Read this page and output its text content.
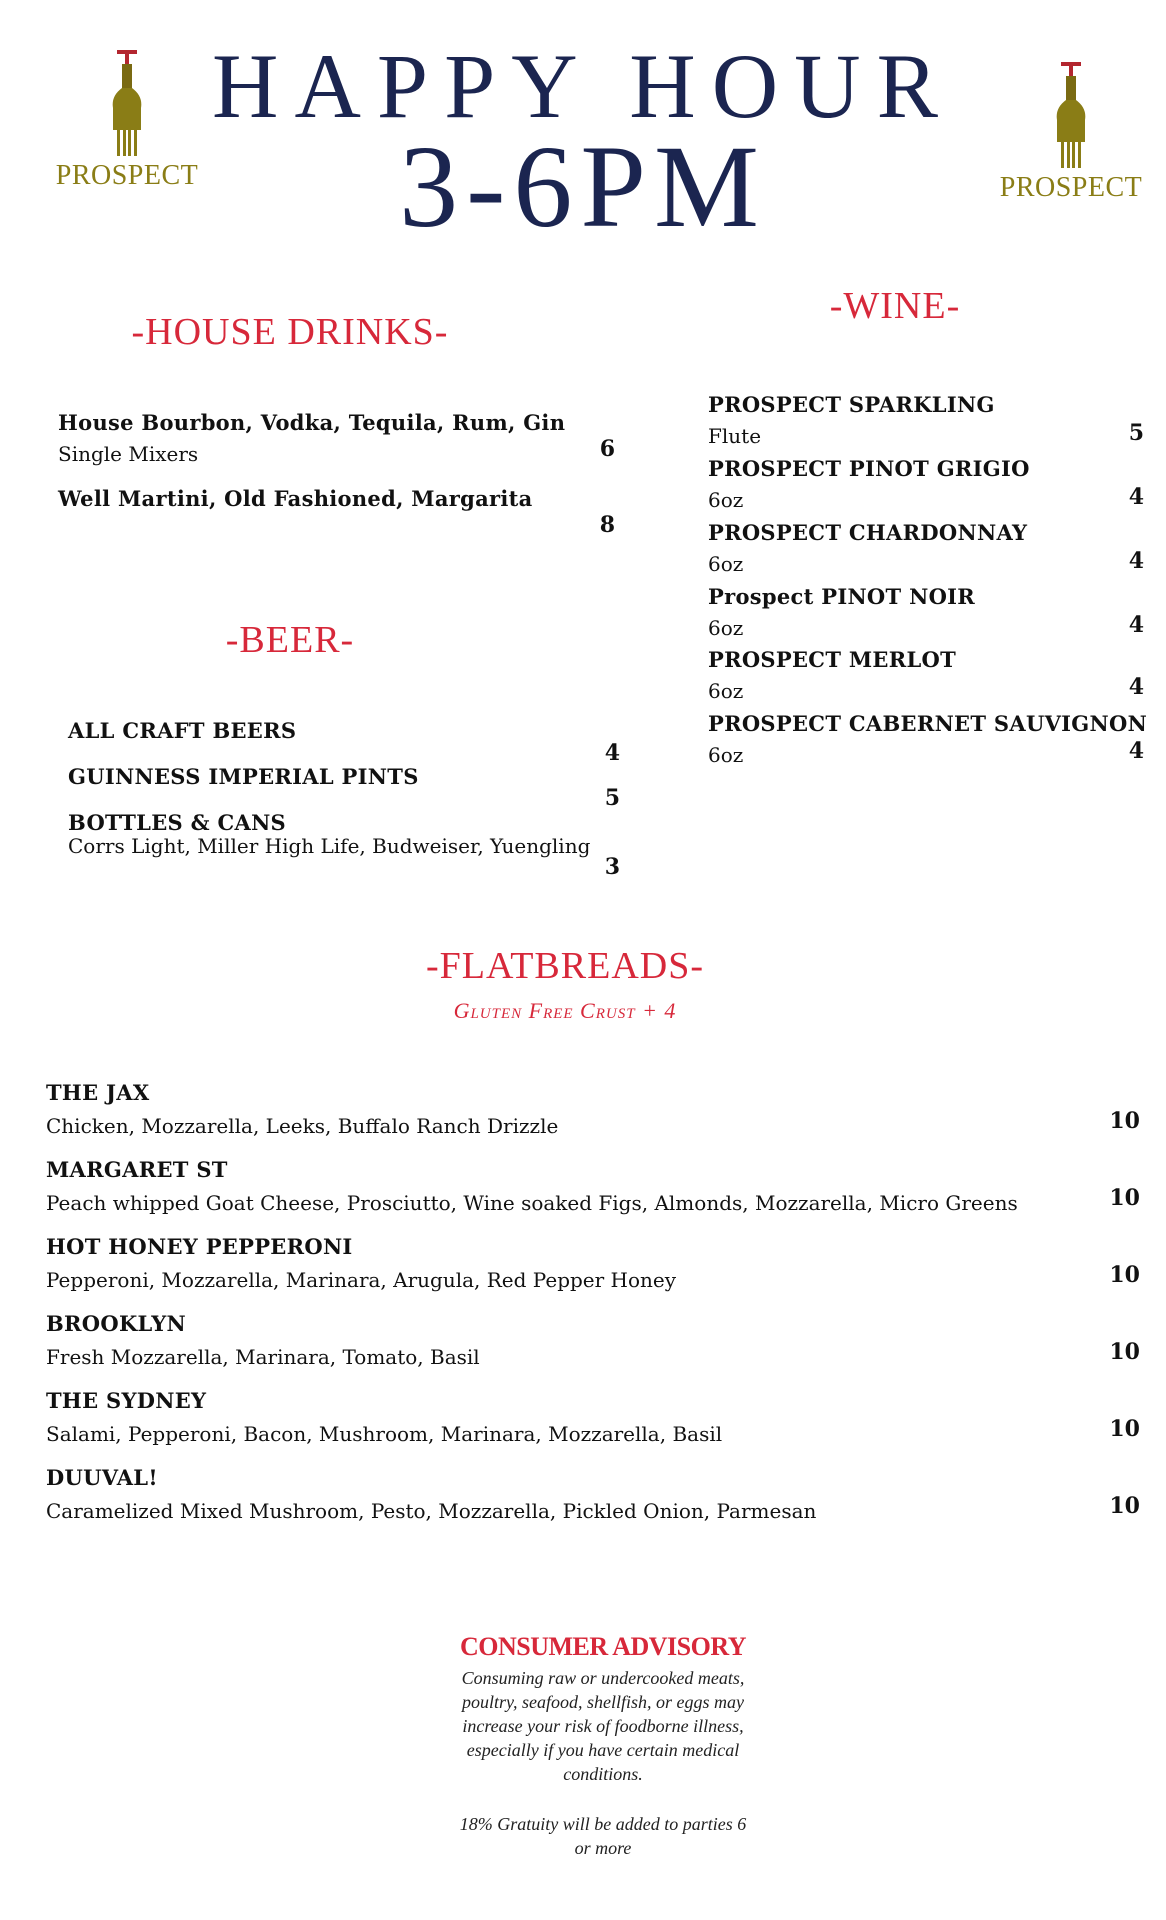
PROSPECT	PROSPECT
HAPPY HOUR
3-6PM
-HOUSE DRINKS-
House Bourbon, Vodka, Tequila, Rum, Gin
Single Mixers	6
Well Martini, Old Fashioned, Margarita
8
-BEER-
ALL CRAFT BEERS
4
GUINNESS IMPERIAL PINTS
5
BOTTLES & CANS
Corrs Light, Miller High Life, Budweiser, Yuengling
3
-WINE-
PROSPECT SPARKLING
Flute	5
PROSPECT PINOT GRIGIO
6oz	4
PROSPECT CHARDONNAY
6oz	4
Prospect PINOT NOIR
6oz	4
PROSPECT MERLOT
6oz	4
PROSPECT CABERNET SAUVIGNON
6oz	4
-FLATBREADS-
Gluten Free Crust + 4
THE JAX
Chicken, Mozzarella, Leeks, Buffalo Ranch Drizzle	10
MARGARET ST
Peach whipped Goat Cheese, Prosciutto, Wine soaked Figs, Almonds, Mozzarella, Micro Greens	10
HOT HONEY PEPPERONI
Pepperoni, Mozzarella, Marinara, Arugula, Red Pepper Honey	10
BROOKLYN
Fresh Mozzarella, Marinara, Tomato, Basil	10
THE SYDNEY
Salami, Pepperoni, Bacon, Mushroom, Marinara, Mozzarella, Basil	10
DUUVAL!
Caramelized Mixed Mushroom, Pesto, Mozzarella, Pickled Onion, Parmesan	10
CONSUMER ADVISORY
Consuming raw or undercooked meats, poultry, seafood, shellfish, or eggs may increase your risk of foodborne illness, especially if you have certain medical conditions.
18% Gratuity will be added to parties 6 or more
